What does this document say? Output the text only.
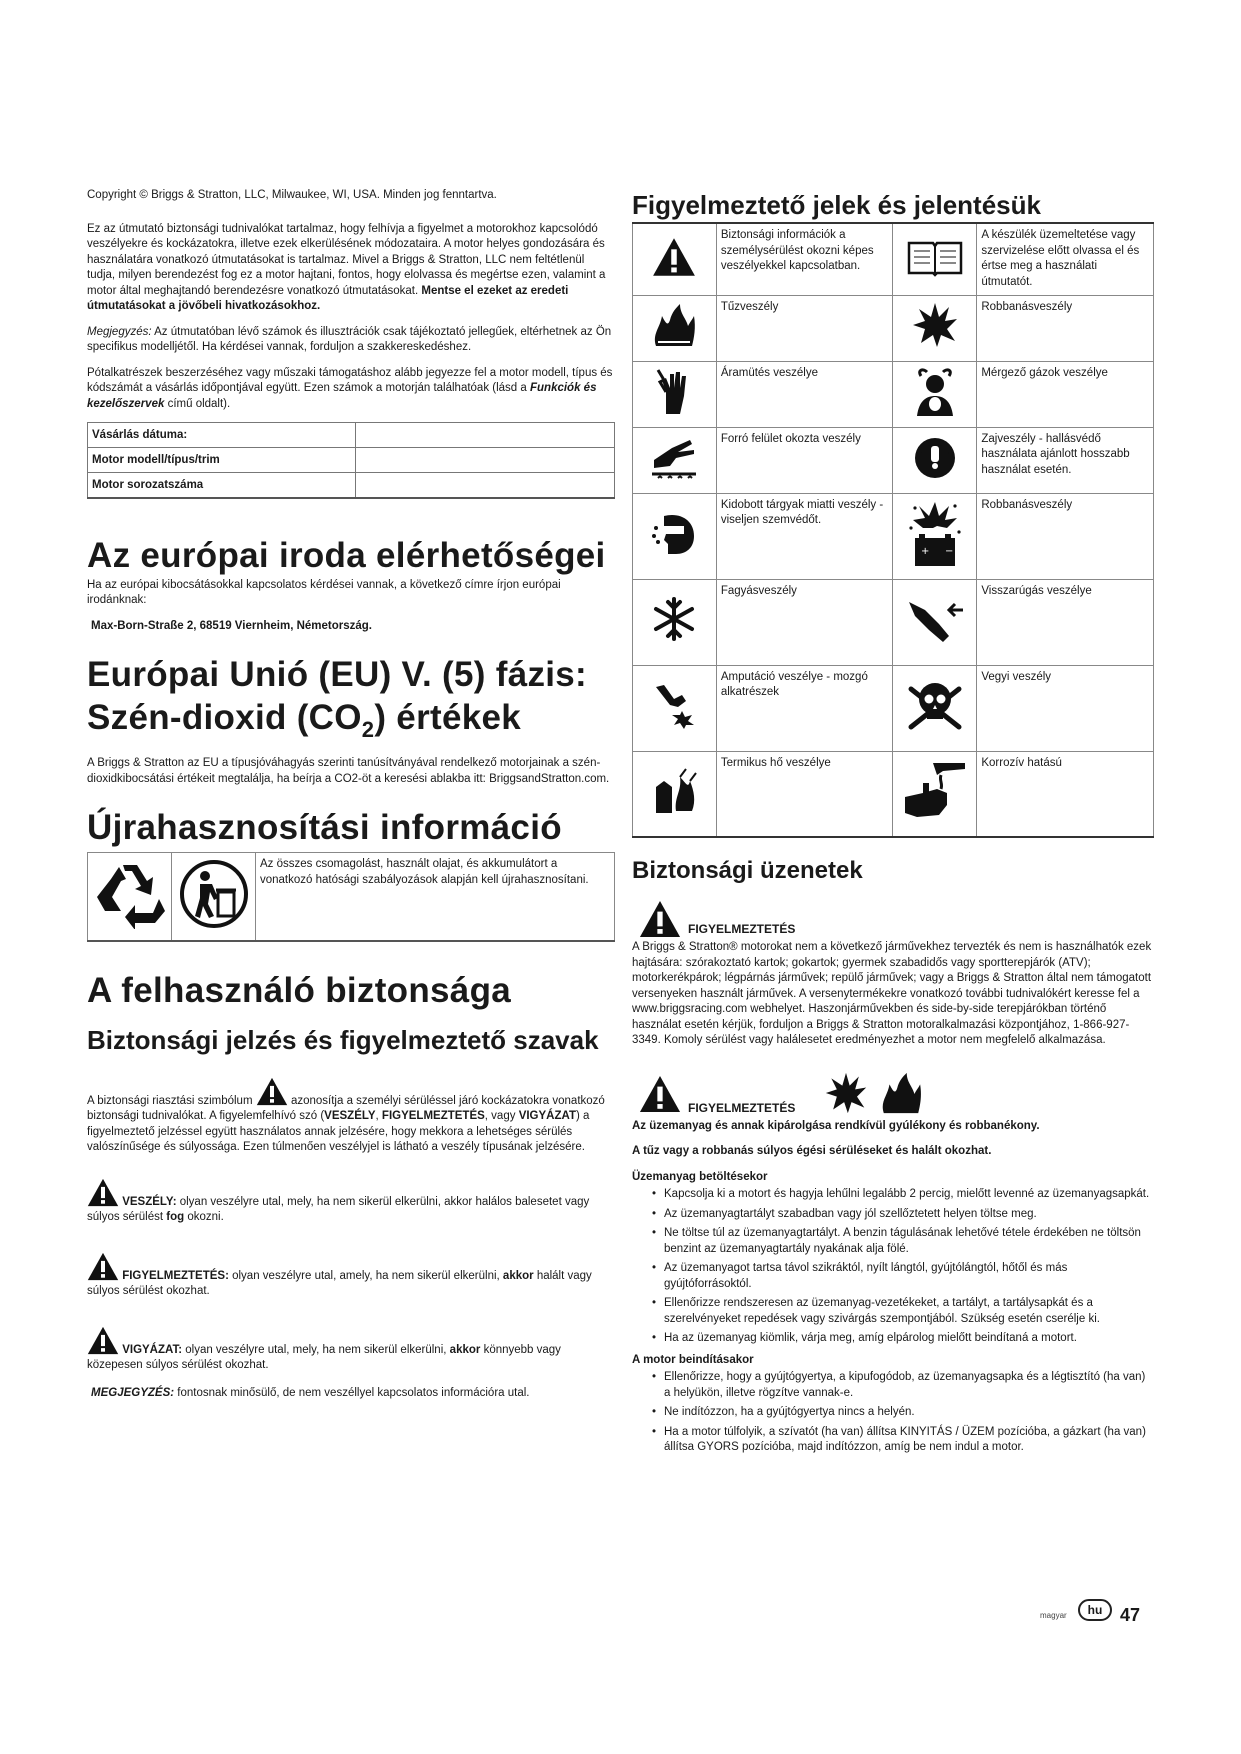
Copyright © Briggs & Stratton, LLC, Milwaukee, WI, USA. Minden jog fenntartva.

Ez az útmutató biztonsági tudnivalókat tartalmaz, hogy felhívja a figyelmet a motorokhoz kapcsolódó veszélyekre és kockázatokra, illetve ezek elkerülésének módozataira. A motor helyes gondozására és használatára vonatkozó útmutatásokat is tartalmaz. Mivel a Briggs & Stratton, LLC nem feltétlenül tudja, milyen berendezést fog ez a motor hajtani, fontos, hogy elolvassa és megértse ezen, valamint a motor által meghajtandó berendezésre vonatkozó útmutatásokat. Mentse el ezeket az eredeti útmutatásokat a jövőbeli hivatkozásokhoz.

Megjegyzés: Az útmutatóban lévő számok és illusztrációk csak tájékoztató jellegűek, eltérhetnek az Ön specifikus modelljétől. Ha kérdései vannak, forduljon a szakkereskedéshez.

Pótalkatrészek beszerzéséhez vagy műszaki támogatáshoz alább jegyezze fel a motor modell, típus és kódszámát a vásárlás időpontjával együtt. Ezen számok a motorján találhatóak (lásd a Funkciók és kezelőszervek című oldalt).

Vásárlás dátuma:	
Motor modell/típus/trim	
Motor sorozatszáma	
Az európai iroda elérhetőségei

Ha az európai kibocsátásokkal kapcsolatos kérdései vannak, a következő címre írjon európai irodánknak:

Max-Born-Straße 2, 68519 Viernheim, Németország.

Európai Unió (EU) V. (5) fázis:
Szén-dioxid $(CO_2)$ értékek

A Briggs & Stratton az EU a típusjóváhagyás szerinti tanúsítványával rendelkező motorjainak a szén-dioxidkibocsátási értékeit megtalálja, ha beírja a CO2-öt a keresési ablakba itt: BriggsandStratton.com.

Újrahasznosítási információ
		Az összes csomagolást, használt olajat, és akkumulátort a vonatkozó hatósági szabályozások alapján kell újrahasznosítani.
A felhasználó biztonsága
Biztonsági jelzés és figyelmeztető szavak

A biztonsági riasztási szimbólum	azonosítja a személyi sérüléssel járó kockázatokra vonatkozó biztonsági tudnivalókat. A figyelemfelhívó szó (VESZÉLY, FIGYELMEZTETÉS, vagy VIGYÁZAT) a figyelmeztető jelzéssel együtt használatos annak jelzésére, hogy mekkora a lehetséges sérülés valószínűsége és súlyossága. Ezen túlmenően veszélyjel is látható a veszély típusának jelzésére.

VESZÉLY: olyan veszélyre utal, mely, ha nem sikerül elkerülni, akkor halálos balesetet vagy súlyos sérülést fog okozni.

FIGYELMEZTETÉS: olyan veszélyre utal, amely, ha nem sikerül elkerülni, akkor halált vagy súlyos sérülést okozhat.

VIGYÁZAT: olyan veszélyre utal, mely, ha nem sikerül elkerülni, akkor könnyebb vagy közepesen súlyos sérülést okozhat.

MEGJEGYZÉS: fontosnak minősülő, de nem veszéllyel kapcsolatos információra utal.

Figyelmeztető jelek és jelentésük
	Biztonsági információk a személysérülést okozni képes veszélyekkel kapcsolatban.		A készülék üzemeltetése vagy szervizelése előtt olvassa el és értse meg a használati útmutatót.
	Tűzveszély		Robbanásveszély
	Áramütés veszélye		Mérgező gázok veszélye
	Forró felület okozta veszély		Zajveszély - hallásvédő használata ajánlott hosszabb használat esetén.
	Kidobott tárgyak miatti veszély - viseljen szemvédőt.	+ −	Robbanásveszély
	Fagyásveszély		Visszarúgás veszélye
	Amputáció veszélye - mozgó alkatrészek		Vegyi veszély
	Termikus hő veszélye		Korrozív hatású
Biztonsági üzenetek
FIGYELMEZTETÉS

A Briggs & Stratton® motorokat nem a következő járművekhez tervezték és nem is használhatók ezek hajtására: szórakoztató kartok; gokartok; gyermek szabadidős vagy sportterepjárók (ATV); motorkerékpárok; légpárnás járművek; repülő járművek; vagy a Briggs & Stratton által nem támogatott versenyeken használt járművek. A versenytermékekre vonatkozó további tudnivalókért keresse fel a www.briggsracing.com webhelyet. Haszonjárművekben és side-by-side terepjárókban történő használat esetén kérjük, forduljon a Briggs & Stratton motoralkalmazási központjához, 1-866-927-3349. Komoly sérülést vagy halálesetet eredményezhet a motor nem megfelelő alkalmazása.

FIGYELMEZTETÉS

Az üzemanyag és annak kipárolgása rendkívül gyúlékony és robbanékony.

A tűz vagy a robbanás súlyos égési sérüléseket és halált okozhat.

Üzemanyag betöltésekor

• Kapcsolja ki a motort és hagyja lehűlni legalább 2 percig, mielőtt levenné az üzemanyagsapkát.
• Az üzemanyagtartályt szabadban vagy jól szellőztetett helyen töltse meg.
• Ne töltse túl az üzemanyagtartályt. A benzin tágulásának lehetővé tétele érdekében ne töltsön benzint az üzemanyagtartály nyakának alja fölé.
• Az üzemanyagot tartsa távol szikráktól, nyílt lángtól, gyújtólángtól, hőtől és más gyújtóforrásoktól.
• Ellenőrizze rendszeresen az üzemanyag-vezetékeket, a tartályt, a tartálysapkát és a szerelvényeket repedések vagy szivárgás szempontjából. Szükség esetén cserélje ki.
• Ha az üzemanyag kiömlik, várja meg, amíg elpárolog mielőtt beindítaná a motort.

A motor beindításakor

• Ellenőrizze, hogy a gyújtógyertya, a kipufogódob, az üzemanyagsapka és a légtisztító (ha van) a helyükön, illetve rögzítve vannak-e.
• Ne indítózzon, ha a gyújtógyertya nincs a helyén.
• Ha a motor túlfolyik, a szívatót (ha van) állítsa KINYITÁS / ÜZEM pozícióba, a gázkart (ha van) állítsa GYORS pozícióba, majd indítózzon, amíg be nem indul a motor.
magyar	hu 47
